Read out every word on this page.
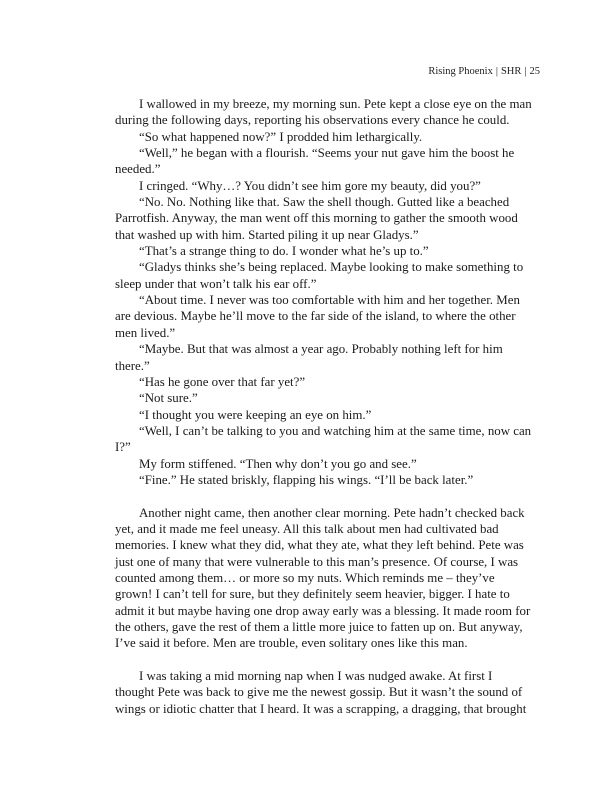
Rising Phoenix | SHR | 25

I wallowed in my breeze, my morning sun. Pete kept a close eye on the man during the following days, reporting his observations every chance he could.

“So what happened now?” I prodded him lethargically.

“Well,” he began with a flourish. “Seems your nut gave him the boost he needed.”

I cringed. “Why…? You didn’t see him gore my beauty, did you?”

“No. No. Nothing like that. Saw the shell though. Gutted like a beached Parrotfish. Anyway, the man went off this morning to gather the smooth wood that washed up with him. Started piling it up near Gladys.”

“That’s a strange thing to do. I wonder what he’s up to.”

“Gladys thinks she’s being replaced. Maybe looking to make something to sleep under that won’t talk his ear off.”

“About time. I never was too comfortable with him and her together. Men are devious. Maybe he’ll move to the far side of the island, to where the other men lived.”

“Maybe. But that was almost a year ago. Probably nothing left for him there.”

“Has he gone over that far yet?”

“Not sure.”

“I thought you were keeping an eye on him.”

“Well, I can’t be talking to you and watching him at the same time, now can I?”

My form stiffened. “Then why don’t you go and see.”

“Fine.” He stated briskly, flapping his wings. “I’ll be back later.”

Another night came, then another clear morning. Pete hadn’t checked back yet, and it made me feel uneasy. All this talk about men had cultivated bad memories. I knew what they did, what they ate, what they left behind. Pete was just one of many that were vulnerable to this man’s presence. Of course, I was counted among them… or more so my nuts. Which reminds me – they’ve grown! I can’t tell for sure, but they definitely seem heavier, bigger. I hate to admit it but maybe having one drop away early was a blessing. It made room for the others, gave the rest of them a little more juice to fatten up on. But anyway, I’ve said it before. Men are trouble, even solitary ones like this man.

I was taking a mid morning nap when I was nudged awake. At first I thought Pete was back to give me the newest gossip. But it wasn’t the sound of wings or idiotic chatter that I heard. It was a scrapping, a dragging, that brought
